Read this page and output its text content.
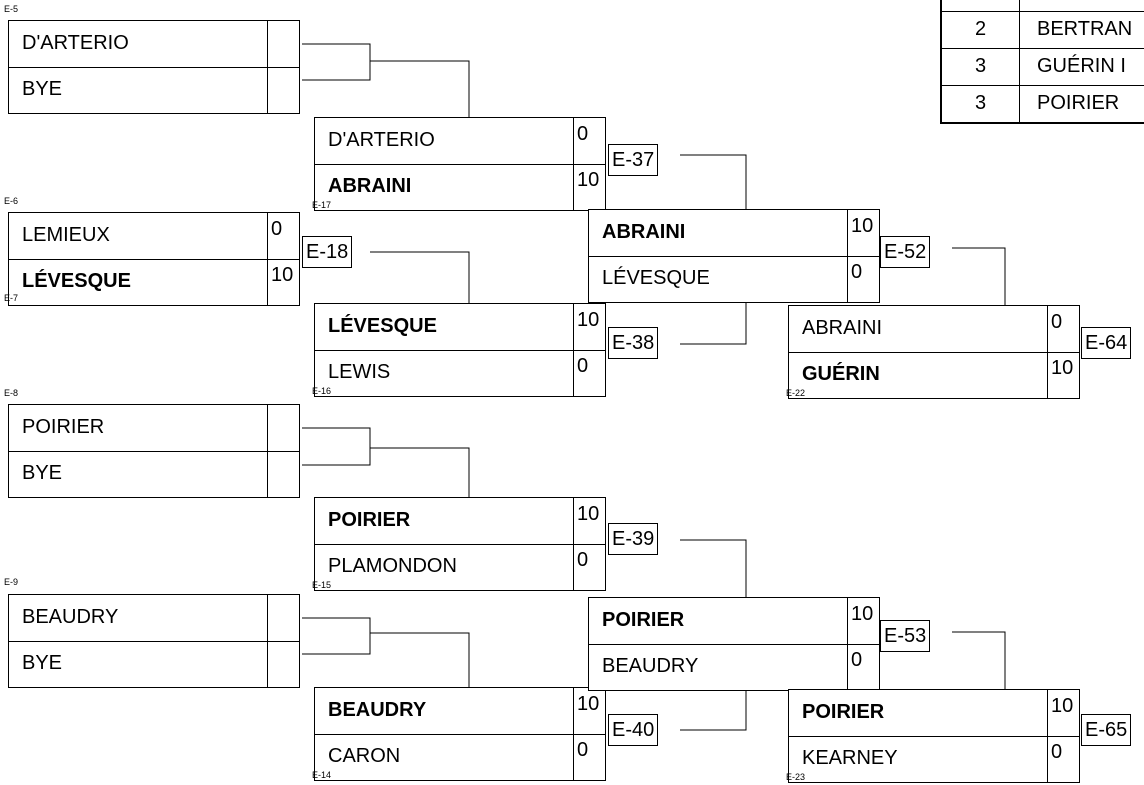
E-5
D'ARTERIO
BYE
E-6
LEMIEUX	0
LÉVESQUE	10
E-7
E-8
POIRIER
BYE
E-9
BEAUDRY
BYE
D'ARTERIO	0
ABRAINI	10
E-17
LÉVESQUE	10
LEWIS	0
E-16
POIRIER	10
PLAMONDON	0
E-15
BEAUDRY	10
CARON	0
E-14
ABRAINI	10
LÉVESQUE	0
POIRIER	10
BEAUDRY	0
ABRAINI	0
GUÉRIN	10
E-22
POIRIER	10
KEARNEY	0
E-23
E-18
E-37
E-38
E-39
E-40
E-52
E-53
E-64
E-65
2	BERTRAN
3	GUÉRIN I
3	POIRIER
